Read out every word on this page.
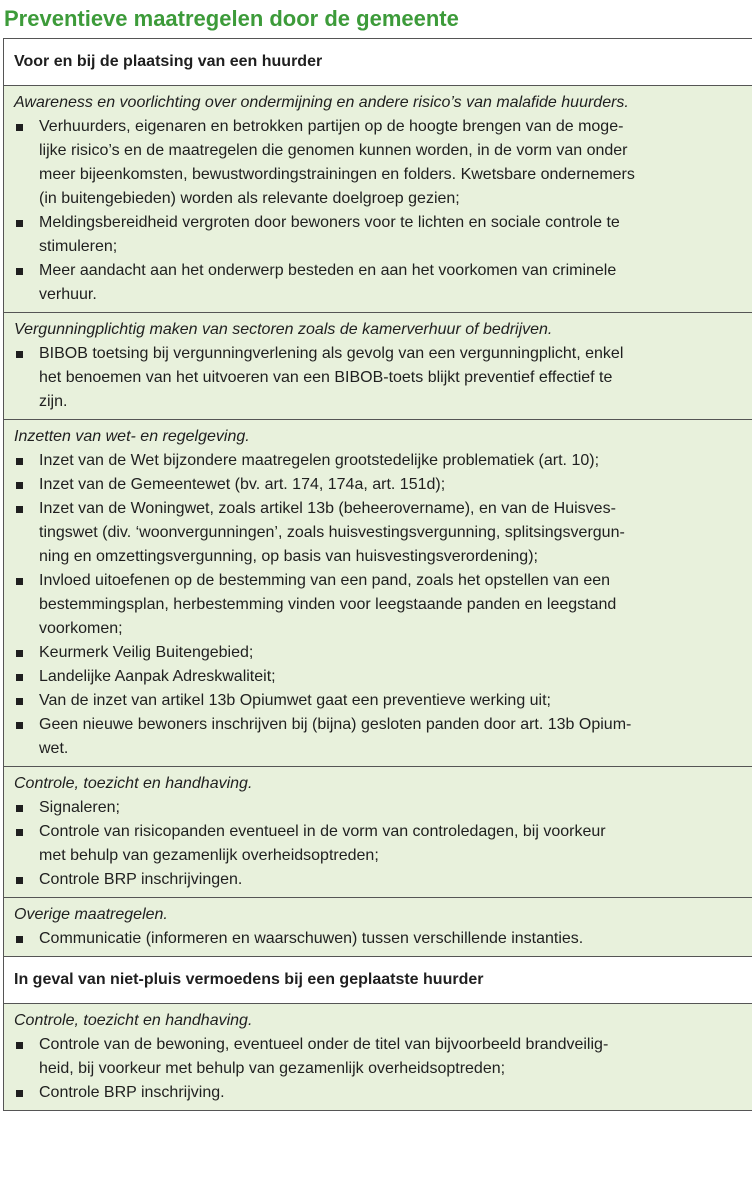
Preventieve maatregelen door de gemeente
Voor en bij de plaatsing van een huurder
Awareness en voorlichting over ondermijning en andere risico’s van malafide huurders.
Verhuurders, eigenaren en betrokken partijen op de hoogte brengen van de moge-
lijke risico’s en de maatregelen die genomen kunnen worden, in de vorm van onder
meer bijeenkomsten, bewustwordingstrainingen en folders. Kwetsbare ondernemers
(in buitengebieden) worden als relevante doelgroep gezien;
Meldingsbereidheid vergroten door bewoners voor te lichten en sociale controle te
stimuleren;
Meer aandacht aan het onderwerp besteden en aan het voorkomen van criminele
verhuur.
Vergunningplichtig maken van sectoren zoals de kamerverhuur of bedrijven.
BIBOB toetsing bij vergunningverlening als gevolg van een vergunningplicht, enkel
het benoemen van het uitvoeren van een BIBOB-toets blijkt preventief effectief te
zijn.
Inzetten van wet- en regelgeving.
Inzet van de Wet bijzondere maatregelen grootstedelijke problematiek (art. 10);
Inzet van de Gemeentewet (bv. art. 174, 174a, art. 151d);
Inzet van de Woningwet, zoals artikel 13b (beheerovername), en van de Huisves-
tingswet (div. ‘woonvergunningen’, zoals huisvestingsvergunning, splitsingsvergun-
ning en omzettingsvergunning, op basis van huisvestingsverordening);
Invloed uitoefenen op de bestemming van een pand, zoals het opstellen van een
bestemmingsplan, herbestemming vinden voor leegstaande panden en leegstand
voorkomen;
Keurmerk Veilig Buitengebied;
Landelijke Aanpak Adreskwaliteit;
Van de inzet van artikel 13b Opiumwet gaat een preventieve werking uit;
Geen nieuwe bewoners inschrijven bij (bijna) gesloten panden door art. 13b Opium-
wet.
Controle, toezicht en handhaving.
Signaleren;
Controle van risicopanden eventueel in de vorm van controledagen, bij voorkeur
met behulp van gezamenlijk overheidsoptreden;
Controle BRP inschrijvingen.
Overige maatregelen.
Communicatie (informeren en waarschuwen) tussen verschillende instanties.
In geval van niet-pluis vermoedens bij een geplaatste huurder
Controle, toezicht en handhaving.
Controle van de bewoning, eventueel onder de titel van bijvoorbeeld brandveilig-
heid, bij voorkeur met behulp van gezamenlijk overheidsoptreden;
Controle BRP inschrijving.
